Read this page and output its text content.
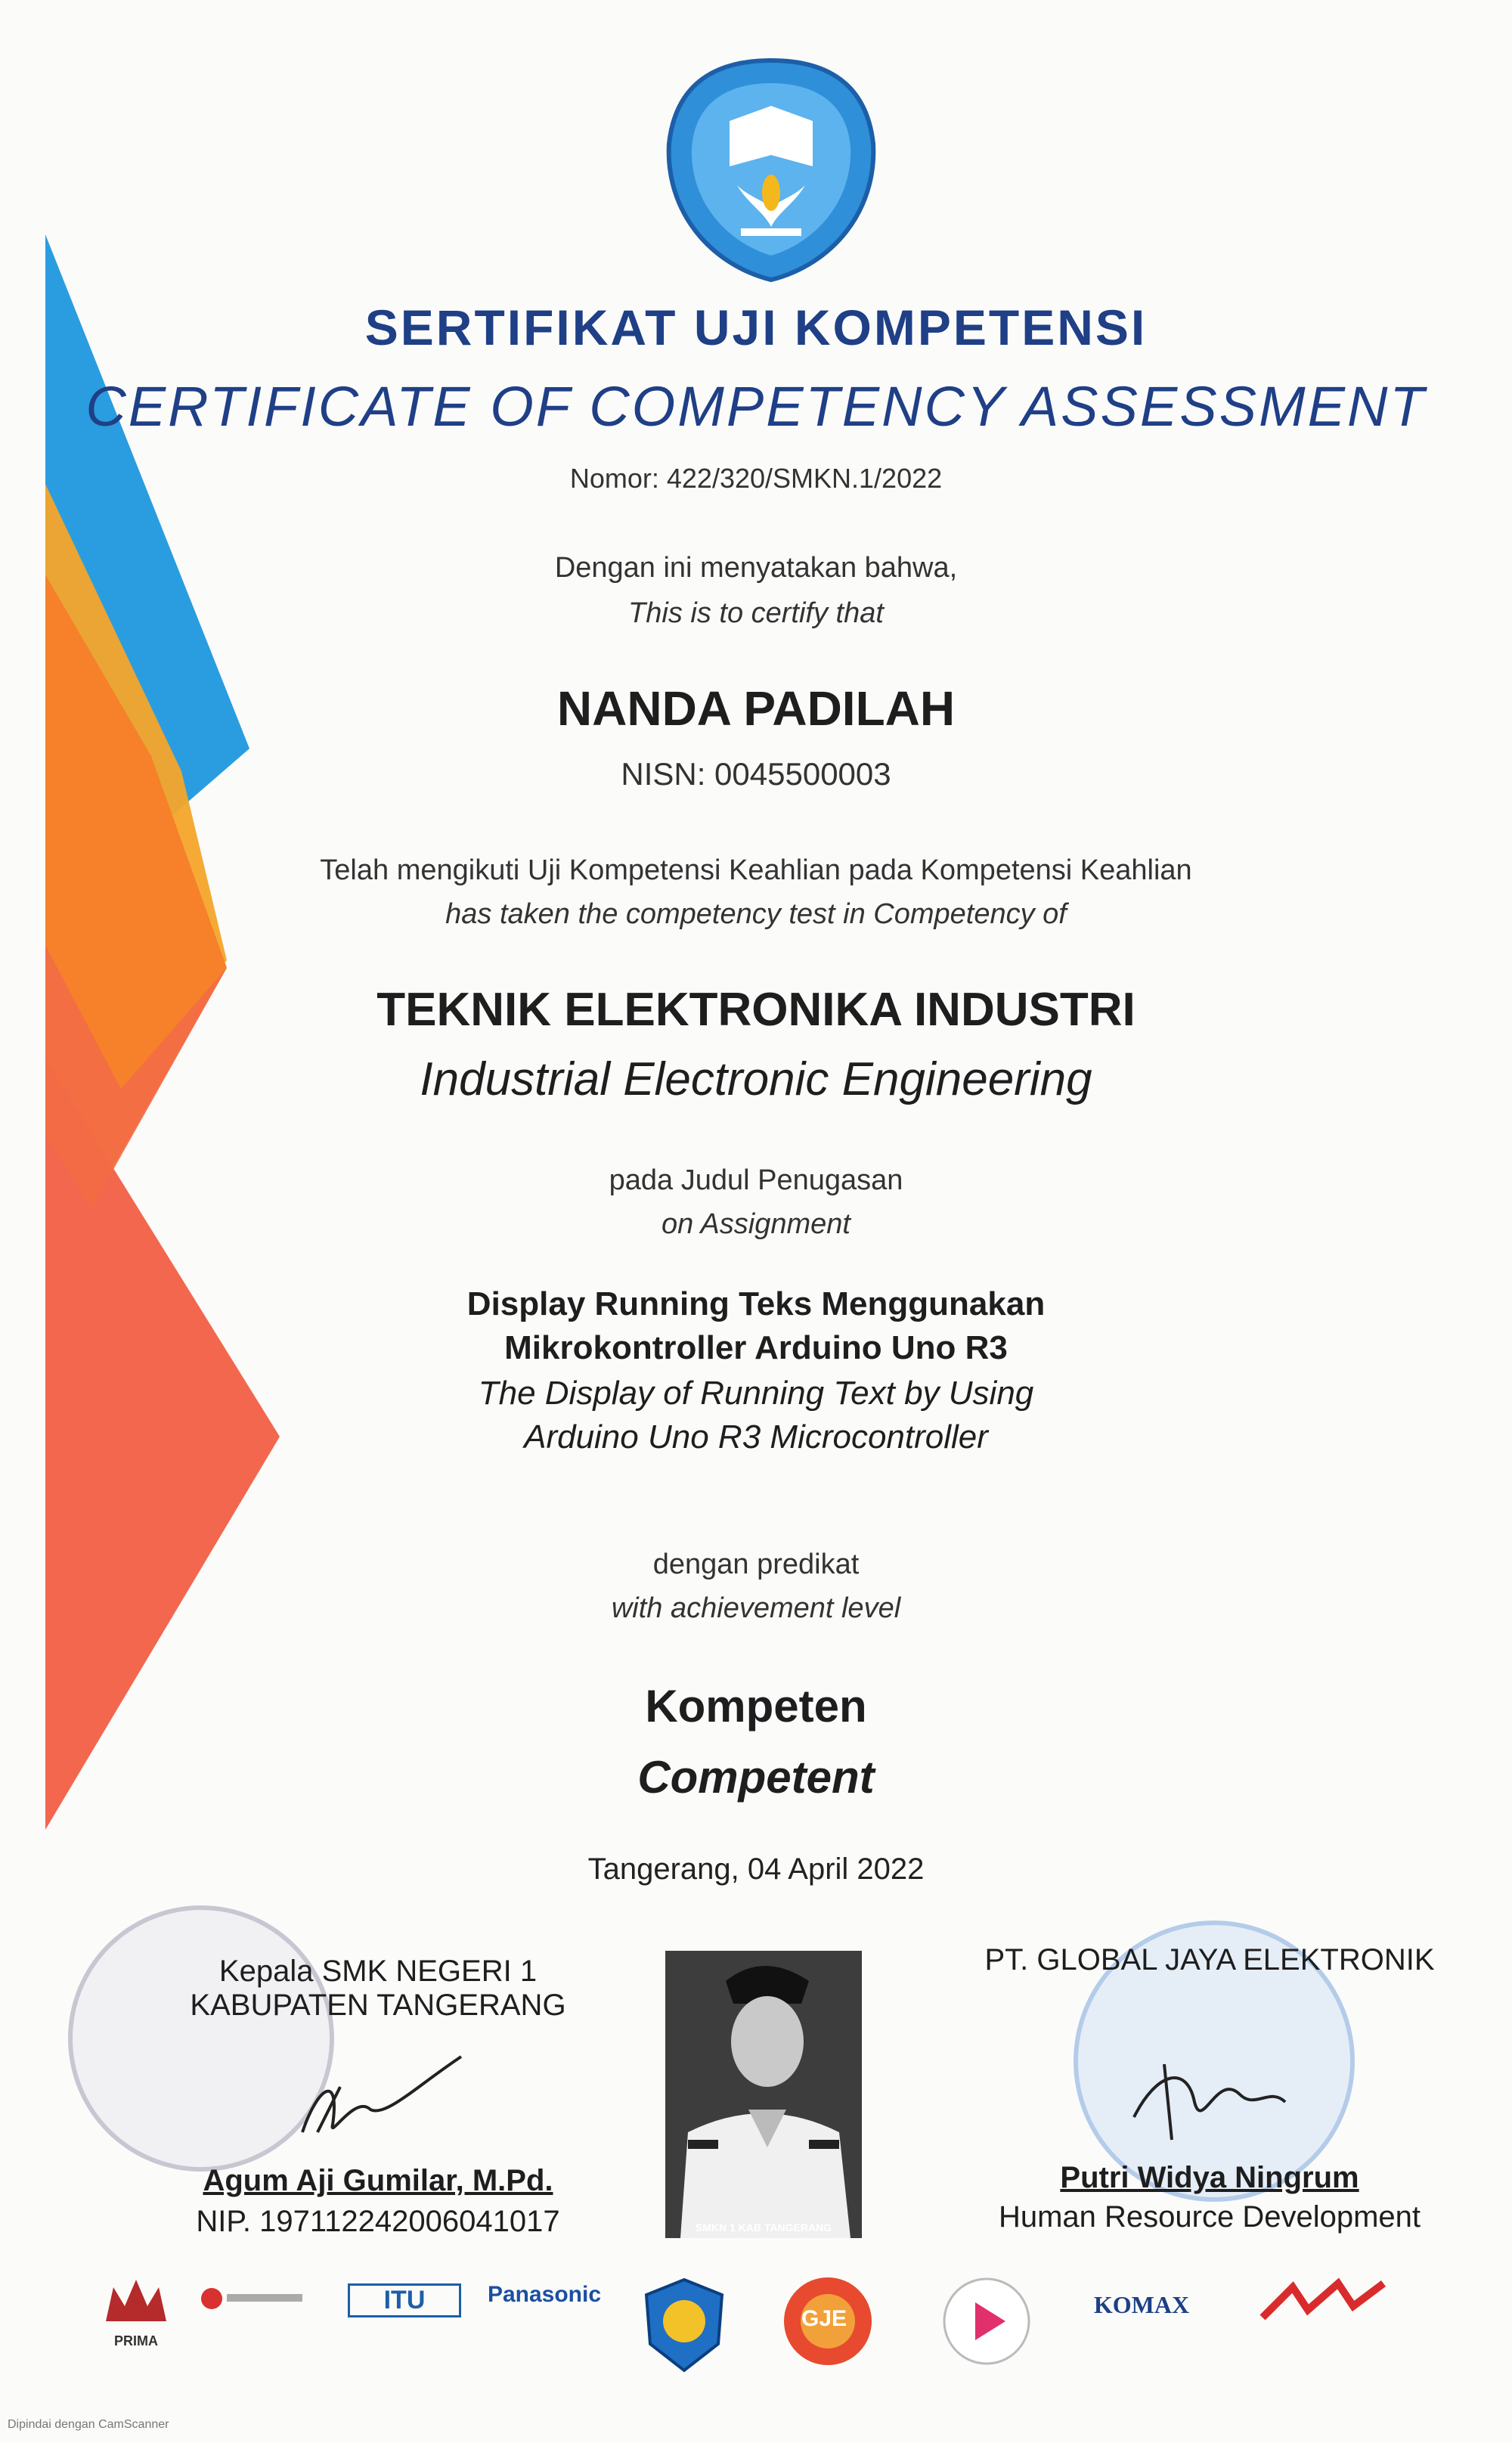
SERTIFIKAT UJI KOMPETENSI
CERTIFICATE OF COMPETENCY ASSESSMENT
Nomor: 422/320/SMKN.1/2022
Dengan ini menyatakan bahwa,
This is to certify that
NANDA PADILAH
NISN: 0045500003
Telah mengikuti Uji Kompetensi Keahlian pada Kompetensi Keahlian
has taken the competency test in Competency of
TEKNIK ELEKTRONIKA INDUSTRI
Industrial Electronic Engineering
pada Judul Penugasan
on Assignment
Display Running Teks Menggunakan
Mikrokontroller Arduino Uno R3
The Display of Running Text by Using
Arduino Uno R3 Microcontroller
dengan predikat
with achievement level
Kompeten
Competent
Tangerang, 04 April 2022
Kepala SMK NEGERI 1
KABUPATEN TANGERANG
Agum Aji Gumilar, M.Pd.
NIP. 197112242006041017	SMKN 1 KAB TANGERANG
PT. GLOBAL JAYA ELEKTRONIK
Putri Widya Ningrum
Human Resource Development
PRIMA
ITU	Panasonic
GJE
KOMAX
Dipindai dengan CamScanner
